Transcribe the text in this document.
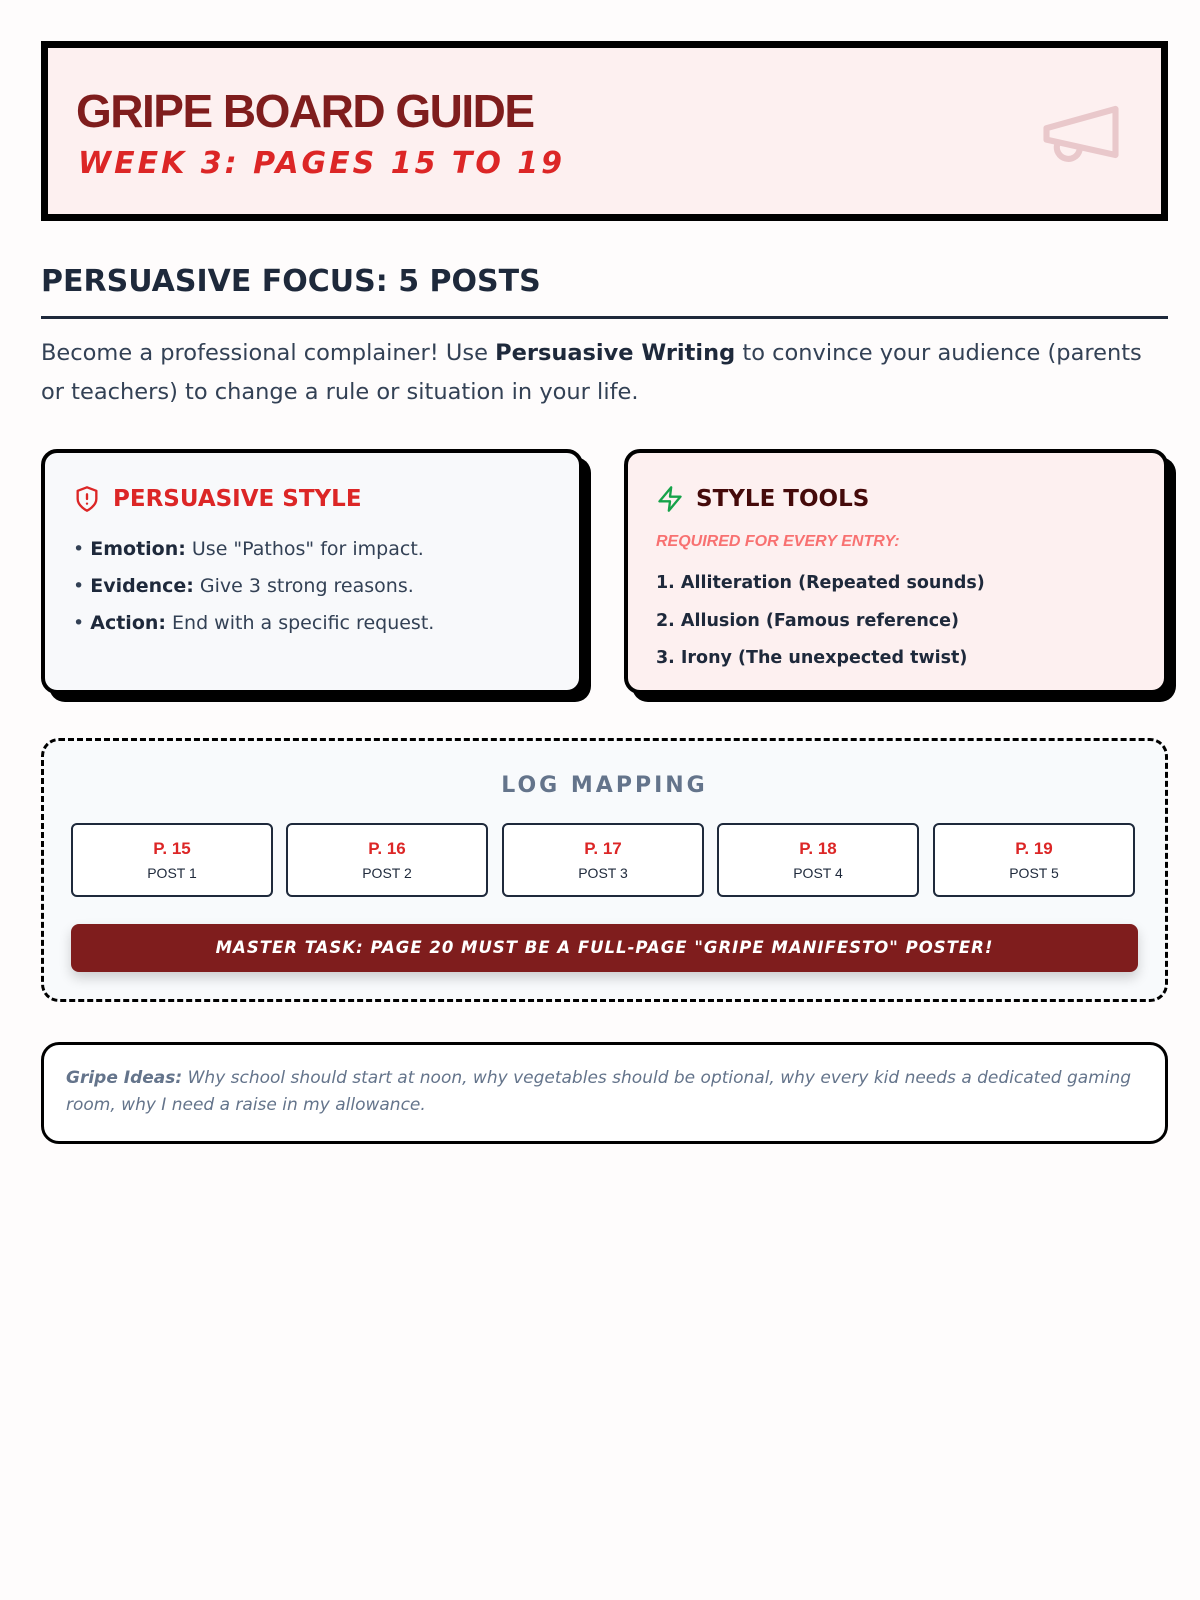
GRIPE BOARD GUIDE
WEEK 3: PAGES 15 TO 19
PERSUASIVE FOCUS: 5 POSTS

Become a professional complainer! Use Persuasive Writing to convince your audience (parents or teachers) to change a rule or situation in your life.

PERSUASIVE STYLE
• Emotion: Use "Pathos" for impact.
• Evidence: Give 3 strong reasons.
• Action: End with a specific request.
STYLE TOOLS
REQUIRED FOR EVERY ENTRY:
1. Alliteration (Repeated sounds)
2. Allusion (Famous reference)
3. Irony (The unexpected twist)
LOG MAPPING
P. 15
POST 1
P. 16
POST 2
P. 17
POST 3
P. 18
POST 4
P. 19
POST 5
MASTER TASK: PAGE 20 MUST BE A FULL-PAGE "GRIPE MANIFESTO" POSTER!
Gripe Ideas: Why school should start at noon, why vegetables should be optional, why every kid needs a dedicated gaming room, why I need a raise in my allowance.
